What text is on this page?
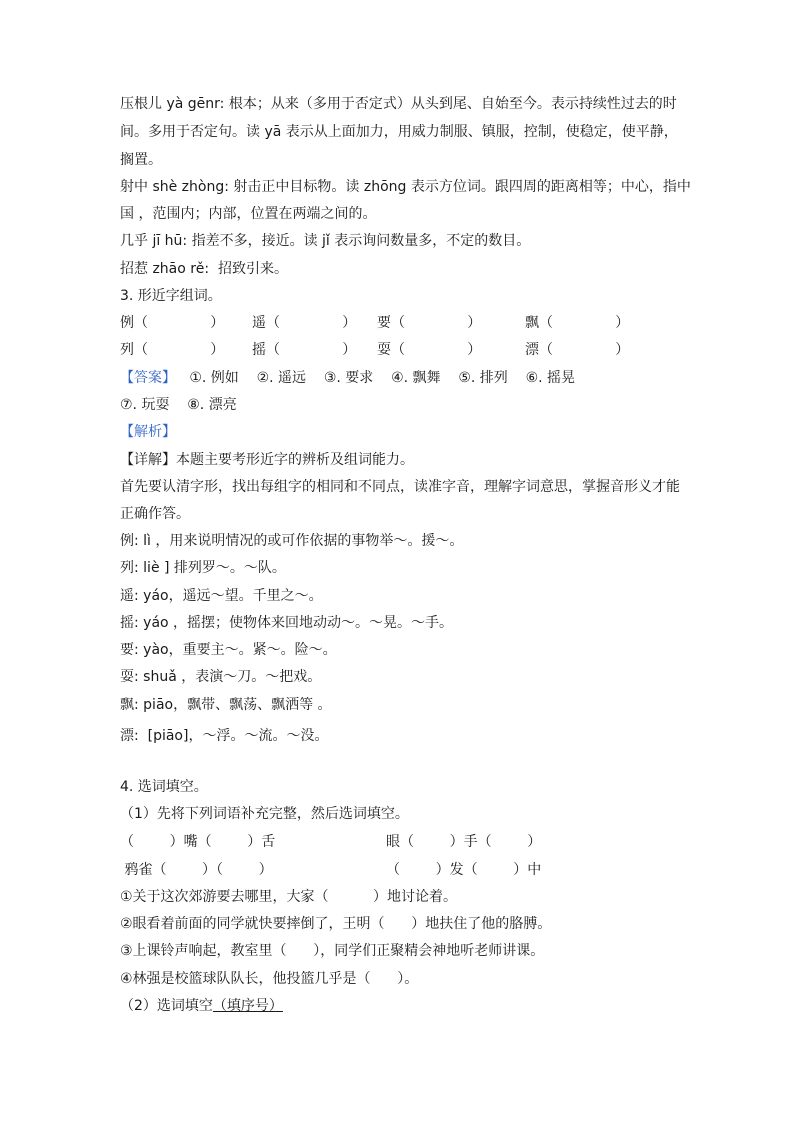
压根儿 yà gēnr: 根本；从来（多用于否定式）从头到尾、自始至今。表示持续性过去的时
间。多用于否定句。读 yā 表示从上面加力，用威力制服、镇服，控制，使稳定，使平静，
搁置。
射中 shè zhòng: 射击正中目标物。读 zhōng 表示方位词。跟四周的距离相等；中心，指中
国 ，范围内；内部，位置在两端之间的。
几乎 jī hū: 指差不多，接近。读 jǐ 表示询问数量多，不定的数目。
招惹 zhāo rě:  招致引来。
3. 形近字组词。
例（              ） 遥（              ） 要（              ）	飘（              ）
列（              ） 摇（              ） 耍（              ）	漂（              ）
【答案】   ①. 例如    ②. 遥远    ③. 要求    ④. 飘舞    ⑤. 排列    ⑥. 摇晃
⑦. 玩耍    ⑧. 漂亮
【解析】
【详解】本题主要考形近字的辨析及组词能力。
首先要认清字形，找出每组字的相同和不同点，读准字音，理解字词意思，掌握音形义才能
正确作答。
例: lì ，用来说明情况的或可作依据的事物举～。援～。
列: liè ] 排列罗～。～队。
遥: yáo，遥远～望。千里之～。
摇: yáo ，摇摆；使物体来回地动动～。～晃。～手。
要: yào，重要主～。紧～。险～。
耍: shuǎ ，表演～刀。～把戏。
飘: piāo，飘带、飘荡、飘洒等 。
漂:  [piāo]，～浮。～流。～没。
4. 选词填空。
（1）先将下列词语补充完整，然后选词填空。
（        ）嘴（        ）舌	眼（        ）手（        ）
鸦雀（        ）（        ）	（        ）发（        ）中
①关于这次郊游要去哪里，大家（          ）地讨论着。
②眼看着前面的同学就快要摔倒了，王明（      ）地扶住了他的胳膊。
③上课铃声响起，教室里（      ），同学们正聚精会神地听老师讲课。
④林强是校篮球队队长，他投篮几乎是（      ）。
（2）选词填空（填序号）
